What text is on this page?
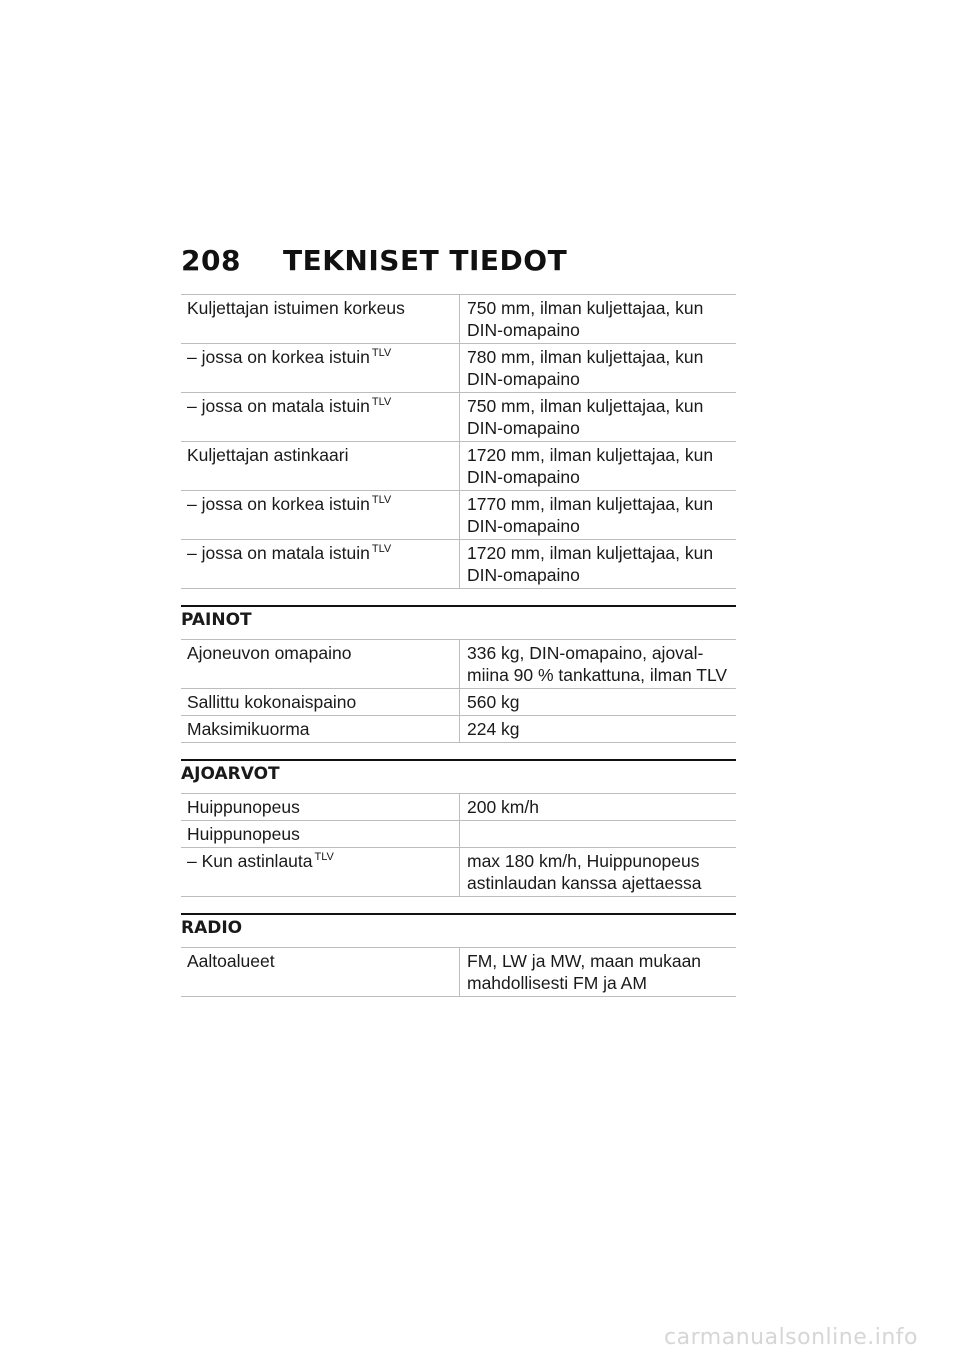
208 TEKNISET TIEDOT
Kuljettajan istuimen korkeus	750 mm, ilman kuljettajaa, kun DIN-omapaino
– jossa on korkea istuin $^{TLV}$	780 mm, ilman kuljettajaa, kun DIN-omapaino
– jossa on matala istuin $^{TLV}$	750 mm, ilman kuljettajaa, kun DIN-omapaino
Kuljettajan astinkaari	1720 mm, ilman kuljettajaa, kun DIN-omapaino
– jossa on korkea istuin $^{TLV}$	1770 mm, ilman kuljettajaa, kun DIN-omapaino
– jossa on matala istuin $^{TLV}$	1720 mm, ilman kuljettajaa, kun DIN-omapaino
PAINOT
Ajoneuvon omapaino	336 kg, DIN-omapaino, ajoval-miina 90 % tankattuna, ilman TLV
Sallittu kokonaispaino	560 kg
Maksimikuorma	224 kg
AJOARVOT
Huippunopeus	200 km/h
Huippunopeus	
– Kun astinlauta $^{TLV}$	max 180 km/h, Huippunopeus astinlaudan kanssa ajettaessa
RADIO
Aaltoalueet	FM, LW ja MW, maan mukaan mahdollisesti FM ja AM
carmanualsonline.info
